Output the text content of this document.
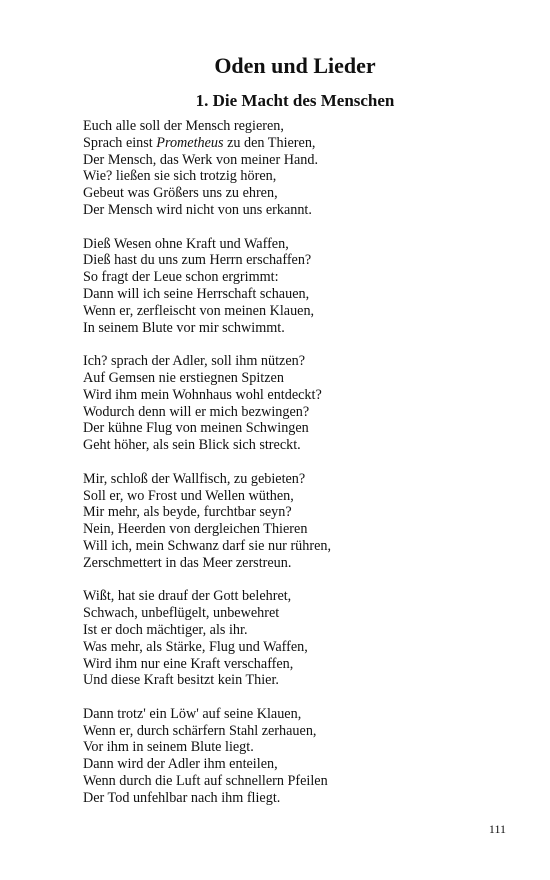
Oden und Lieder
1. Die Macht des Menschen
Euch alle soll der Mensch regieren,
Sprach einst Prometheus zu den Thieren,
Der Mensch, das Werk von meiner Hand.
Wie? ließen sie sich trotzig hören,
Gebeut was Größers uns zu ehren,
Der Mensch wird nicht von uns erkannt.
Dieß Wesen ohne Kraft und Waffen,
Dieß hast du uns zum Herrn erschaffen?
So fragt der Leue schon ergrimmt:
Dann will ich seine Herrschaft schauen,
Wenn er, zerfleischt von meinen Klauen,
In seinem Blute vor mir schwimmt.
Ich? sprach der Adler, soll ihm nützen?
Auf Gemsen nie erstiegnen Spitzen
Wird ihm mein Wohnhaus wohl entdeckt?
Wodurch denn will er mich bezwingen?
Der kühne Flug von meinen Schwingen
Geht höher, als sein Blick sich streckt.
Mir, schloß der Wallfisch, zu gebieten?
Soll er, wo Frost und Wellen wüthen,
Mir mehr, als beyde, furchtbar seyn?
Nein, Heerden von dergleichen Thieren
Will ich, mein Schwanz darf sie nur rühren,
Zerschmettert in das Meer zerstreun.
Wißt, hat sie drauf der Gott belehret,
Schwach, unbeflügelt, unbewehret
Ist er doch mächtiger, als ihr.
Was mehr, als Stärke, Flug und Waffen,
Wird ihm nur eine Kraft verschaffen,
Und diese Kraft besitzt kein Thier.
Dann trotz' ein Löw' auf seine Klauen,
Wenn er, durch schärfern Stahl zerhauen,
Vor ihm in seinem Blute liegt.
Dann wird der Adler ihm enteilen,
Wenn durch die Luft auf schnellern Pfeilen
Der Tod unfehlbar nach ihm fliegt.
111
